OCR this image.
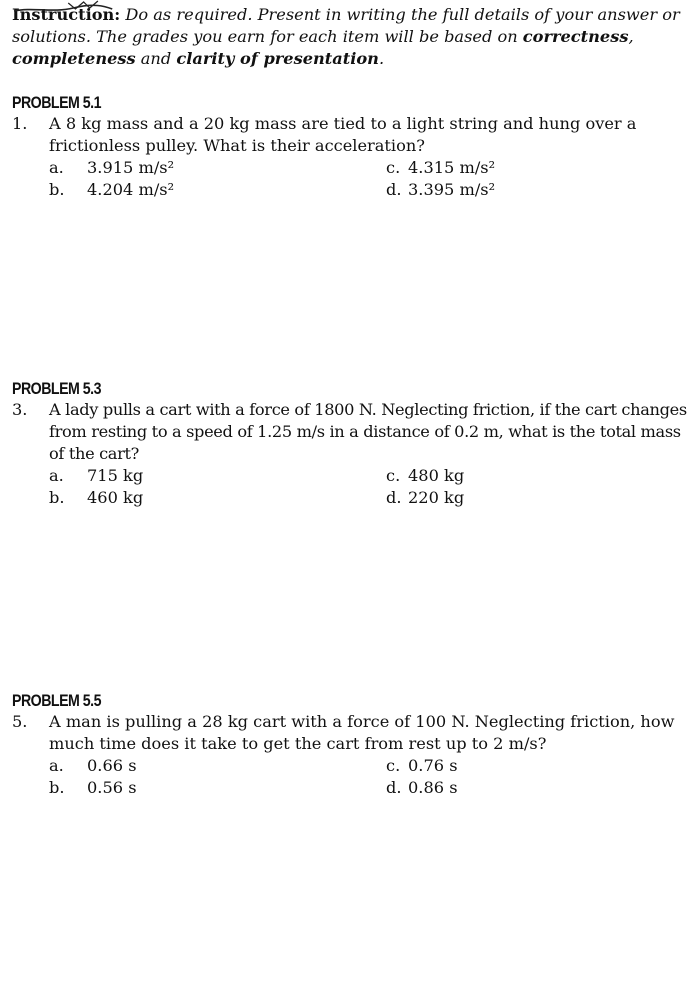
Instruction
: Do as required. Present in writing the full details of your answer or solutions. The grades you earn for each item will be based on correctness, completeness and clarity of presentation.
PROBLEM 5.1
1. A 8 kg mass and a 20 kg mass are tied to a light string and hung over a frictionless pulley. What is their acceleration?
a. 3.915 m/s²
b. 4.204 m/s²
c. 4.315 m/s²
d. 3.395 m/s²
PROBLEM 5.3
3. A lady pulls a cart with a force of 1800 N. Neglecting friction, if the cart changes from resting to a speed of 1.25 m/s in a distance of 0.2 m, what is the total mass of the cart?
a. 715 kg
b. 460 kg
c. 480 kg
d. 220 kg
PROBLEM 5.5
5. A man is pulling a 28 kg cart with a force of 100 N. Neglecting friction, how much time does it take to get the cart from rest up to 2 m/s?
a. 0.66 s
b. 0.56 s
c. 0.76 s
d. 0.86 s
